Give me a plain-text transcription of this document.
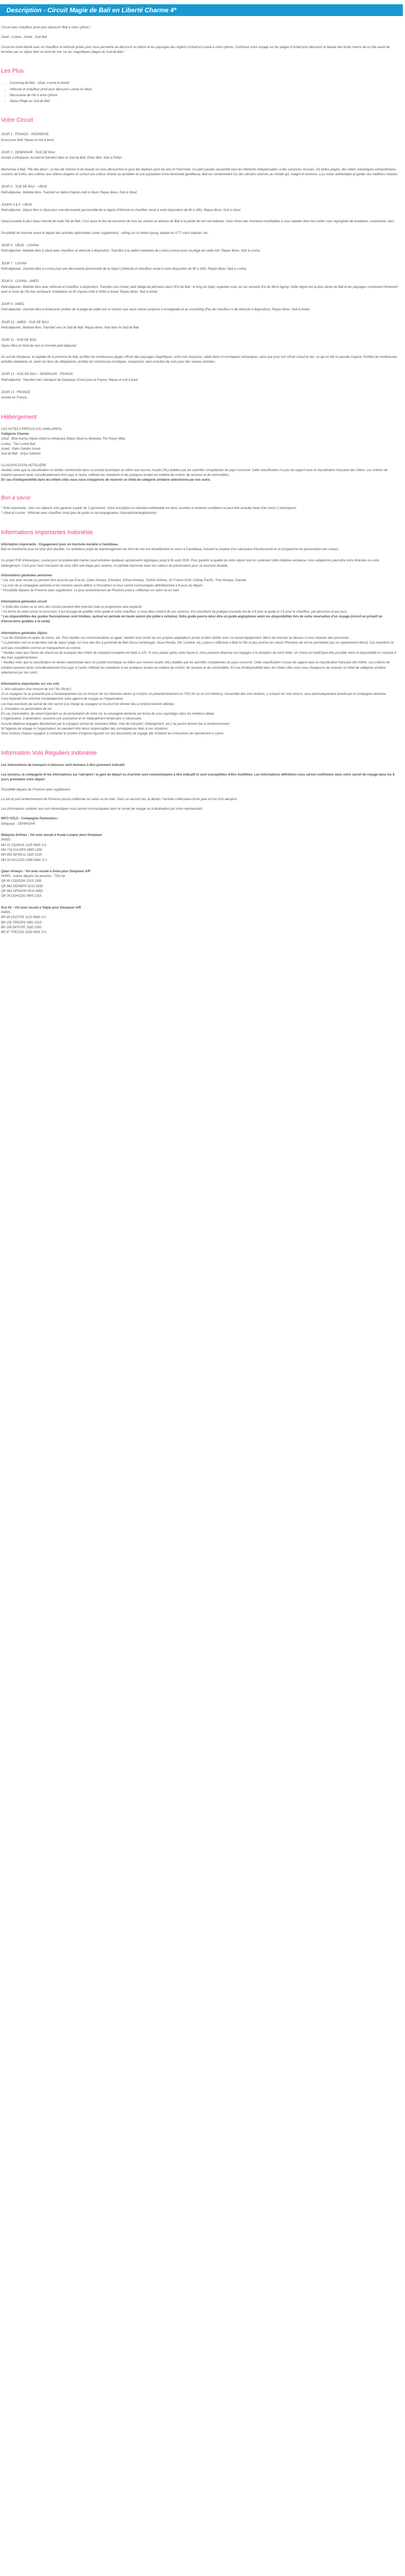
Description - Circuit Magie de Bali en Liberté Charme 4*

Circuit avec chauffeur privé pour découvrir Bali à votre rythme !

Ubud - Lovina - Amed - Sud Bali

Circuit en toute liberté avec un chauffeur et véhicule privés pour vous permettre de découvrir la culture et les paysages des régions d'Ubud et Lovina à votre rythme. Continuez votre voyage sur les plages d'Amed pour découvrir la beauté des fonds marins de la côte avant de terminer par un séjour libre en bord de mer sur les magnifiques plages du Sud de Bali !

Les Plus
• Cocoming de Bali : Ubud, Lovina et Amed
• Véhicule et chauffeur privé pour découvrir Lovina et Ubud
• Découverte de l'île à votre rythme
• Séjour Plage au Sud de Bali
Votre Circuit
JOUR 1 : FRANCE - INDONESIE
Envol pour Bali. Repas et nuit à bord.
JOUR 2 : DENPASAR - SUD DE BALI
Arrivée à Denpasar. Accueil et transfert dans le Sud de Bali. Dîner libre. Nuit à l'hôtel.
Bienvenue à Bali, "l'île des dieux", un lieu de charme et de beauté où vous découvrirez le goût des Balinais pour les arts et l'harmonie. Ce petit paradis rassemble tous les éléments indispensables à des vacances réussies. De belles plages, des reliefs volcaniques extraordinaires couverts de forêts, des collines aux rizières étagées et surtout une culture vivante au quotidien et une population d'une étonnante gentillesse. Bali est certainement l'un des derniers endroits au monde qui, malgré le tourisme, a pu rester authentique et garder ses traditions intactes.
JOUR 3 : SUD DE BALI - UBUD
Petit-déjeuner. Matinée libre. Transfert en début d'après-midi à Ubud. Repas libres. Nuit à Ubud.
JOURS 4 & 5 : UBUD
Petit-déjeuner. Séjour libre à Ubud pour une découverte personnelle de la région (Véhicule et chauffeur serait à votre disposition de 9h à 18h). Repas libres. Nuit à Ubud.
Ubud possède le plus beau marché de toute l'île de Bali. C'est aussi le lieu de rencontre de tous les artistes et artisans de Bali à la pointe de l'art néo-balinais. Vous vivrez des moments inoubliables à vous balader dans les ruelles rues regorgeant de boutiques, restaurants, bars.
Possibilité de réserver avant le départ des activités optionnelles (avec supplément) : rafting sur la rivière Ayung, balade en VTT, soins balinais, etc.
JOUR 6 : UBUD - LOVINA
Petit-déjeuner. Matinée libre à Ubud avec chauffeur et véhicule à disposition. Transfert à la station balnéaire de Lovina connue pour sa plage de sable noir. Repas libres. Nuit à Lovina.
JOUR 7 : LOVINA
Petit-déjeuner. Journée libre à Lovina pour une découverte personnelle de la région (Véhicule et chauffeur serait à votre disposition de 9h à 18h). Repas libres. Nuit à Lovina.
JOUR 8 : LOVINA - AMED
Petit-déjeuner. Matinée libre avec véhicule et chauffeur à disposition. Transfert vers Amed, petit village de pêcheurs dans l'Est de Bali : le long du trajet, superbes vues sur les versants Est du Mont Agung. Cette région est la plus sèche de Bali et les paysages contrastent fortement avec le reste de l'île très verdoyant. Installation en fin d'après-midi à l'hôtel à Amed. Repas libres. Nuit à Amed.
JOUR 9 : AMED
Petit-déjeuner. Journée libre à Amed pour profiter de la plage de sable noir et rochers aux eaux calmes propices à la baignade et au snorkeling (Pas de chauffeur ni de véhicule à disposition). Repas libres. Nuit à Amed.
JOUR 10 : AMED - SUD DE BALI
Petit-déjeuner. Matinée libre. Transfert vers le Sud de Bali. Repas libres. Nuit dans le Sud de Bali.
JOUR 11 : SUD DE BALI
Séjour libre en bord de mer en formule petit-déjeuner.
Au sud de Denpasar, la capitale de la province de Bali, profitez de nombreuses plages offrant des paysages magnifiques, entre mer turquoise, sable blanc et montagnes volcaniques, ainsi que pour son climat chaud et sec, ce qui en fait un paradis tropical. Profitez de nombreuses activités balnéaires et, selon les lieux de villégiatures, profitez de nombreuses boutiques, restaurants, bars et boites de nuits pour des soirées animées.
JOUR 12 : SUD DE BALI - DENPASAR - FRANCE
Petit-déjeuner. Transfert vers l'aéroport de Denpasar. Envol pour la France. Repas et nuit à bord.
JOUR 13 : FRANCE
Arrivée en France.
Hébergement
LES HOTELS PRÉVUS (OU SIMILAIRES)
Catégorie Charme
Ubud : Blue Karma Dijiwa Ubud ou Arkamara Dijiwa Ubud ou Dwaraka The Royal Villas
Lovina : The Lovina Bali
Amed : Palm Garden Amed
Sud de Bali : Griya Santrian
CLASSIFICATION HÔTELIÈRE
Veuillez noter que la classification en étoiles mentionnée dans ce produit touristique se réfère aux normes locales (NL) établies par les autorités compétentes du pays concerné. Cette classification n'a pas de rapport avec la classification française des hôtels. Les critères de notation peuvent varier considérablement d'un pays à l'autre, reflétant les standards et les pratiques locales en matière de confort, de services et de commodités.
En cas d'indisponibilité dans les hôtels cités nous nous chargerons de réserver un hôtel de catégorie similaire sélectionné par nos soins.
Bon à savoir
* Note importante : tous nos départs sont garantis à partir de 2 personnes. Votre inscription en chambre individuelle est donc soumise à certaines conditions et peut être annulée faute d'au moins 2 participants.
* Ubud et Lovina : Véhicule avec chauffeur local (pas de guide ou accompagnateur francophone/anglophone).
Informations importantes Indonésie
Information importante : Engagement pour un tourisme durable à Candidasa
Bali se transforme pour un futur plus durable. Un ambitieux projet de réaménagement du front de mer est actuellement en cours à Candidasa, incluant la création d'un sanctuaire d'écotourisme et un programme de préservation des coraux.

Ce projet RSE d'envergure, crucial pour la biodiversité marine, peut entraîner quelques ajustements logistiques jusqu'à fin août 2026. Pour garantir la qualité de votre séjour tout en soutenant cette initiative vertueuse, nous adapterons peut-être votre itinéraire ou votre hébergement. C'est pour nous l'occasion de vous offrir une étape plus sereine, en parfaite harmonie avec nos valeurs de préservation pour un tourisme durable.

Informations générales aériennes
* Les vols avec escale (s) peuvent être assurés par Eva Air, Qatar Airways, Emirates, Etihad Airways, Turkish Airlines, Air France KLM, Cathay Pacific, Thai Airways, Garuda.
* Le nom de la compagnie aérienne et les horaires seront définis à l'inscription et vous seront communiqués définitivement à 8 jours du départ.
* Possibilité départs de Province avec supplément. Le post acheminement de Province pourra s'effectuer en avion ou en train.
Informations générales circuit
* L'ordre des visites ou le sens des circuits peuvent être inversés mais le programme sera respecté.
* Au terme de votre circuit ou excursion, il est d'usage de gratifier votre guide et votre chauffeur, si vous êtes content de ses services, d'un pourboire (la pratique courante est de 4 € pour le guide et 2 € pour le chauffeur, par personne et par jour).
* Les disponibilités des guides francophones sont limitées, surtout en période de haute saison (de juillet à octobre). Votre guide pourra donc être un guide anglophone selon les disponibilités lors de votre réservation d'un voyage (circuit en privatif ou d'excursions guidées à la carte).
Informations générales Séjour
* Les lits d'enfants et cartes de voeux, etc. Pour faciliter vos communications et appel, veuillez vous munir de vos propres adaptateurs prises et bien vérifier avec ce nouvel équipement. Merci de réserver au dessus si vous réserver des personnes.
* La première nuit ou la dernière nuit de séjour plage sur l'une des îles à proximité de Bali (Nusa Lembongan, Nusa Penida, Gili, Lombok, etc.) pourra s'effectuer à Bali ou l'île la plus proche (en raison d'horaires de vol ne permettant pas un rapatriement direct). Ces transferts ne sont pas considérés comme un manquement au contrat.
* Veuillez noter que l'heure du check-out de la plupart des hôtels de standard européen est fixée à 12h. Si vous partez après cette heure-ci, nous pouvons disposer vos bagages à la réception de votre hôtel. Un check-out tardif peut être possible selon la disponibilité et s'impose à des frais supplémentaires.
* Veuillez noter que la classification en étoiles mentionnée dans ce produit touristique se réfère aux normes locales (NL) établies par les autorités compétentes du pays concerné. Cette classification n'a pas de rapport avec la classification française des hôtels. Les critères de notation peuvent varier considérablement d'un pays à l'autre, reflétant les standards et les pratiques locales en matière de confort, de services et de commodités. En cas d'indisponibilité dans les hôtels cités nous nous chargerons de réserver un hôtel de catégorie similaire sélectionné par nos soins.
Informations importantes sur vos vols
1. Non-utilisation d'un tronçon de vol ("No Show")
Si un voyageur ne se présente pas à l'embarquement sur un tronçon de son itinéraire aérien (y compris un préacheminement en TGV Air ou un vol intérieur), l'ensemble des vols restants, y compris les vols retours, sera automatiquement annulé par la compagnie aérienne.
Il est impératif d'en informer immédiatement votre agence de voyage ou l'organisateur.
Les frais éventuels de rachat de vols seront à la charge du voyageur et ne pourront donner lieu à remboursement ultérieur.
2. Annulation ou perturbation de vol
En cas d'annulation, de retard important ou de perturbation de votre vol, la compagnie aérienne est tenue de vous reprotéger dans les meilleurs délais.
L'organisateur, à destination, assurera une assistance et un hébergement temporaire si nécessaire.
Aucune dépense engagée directement par le voyageur (achat de nouveaux billets, frais de transport, hébergement, etc.) ne pourra donner lieu à remboursement.
Ni l'agence de voyage ni l'organisateur ne sauraient être tenus responsables des conséquences liées à ces situations.
Nous invitons chaque voyageur à contacter le numéro d'urgence figurant sur ses documents de voyage afin d'obtenir les instructions de reprotection à suivre.
Information Vols Réguliers Indonésie

Les informations de transport ci-dessous sont données à titre purement indicatif.

Les horaires, la compagnie et les informations sur l'aéroport / la gare de départ ou d'arrivée sont communiquées à titre indicatif et sont susceptibles d'être modifiées. Les informations définitives vous seront confirmées dans votre carnet de voyage dans les 8 jours précédant votre départ.

Possibilité départs de Province avec supplément.

Le pré et post acheminement de Province pourra s'effectuer en avion ou en train. Dans ce second cas, le départ / l'arrivée s'effectuera d'une gare et non d'un aéroport.

Les informations relatives aux vols domestiques vous seront communiquées dans le carnet de voyage ou à destination par notre représentant.

INFO VOLS - Compagnie Partenaires :
Denpasar - DENPASAR
Malaysia Airlines : Vol avec escale à Kuala Lumpur pour Denpasar
PARIS
MH 21 CDGKUL 1125 0630 J+1
MH 715 KULDPS 0900 1205
MH 852 DPSKUL 1920 2220
MH 20 KULCDG 2345 0640 J+1
Qatar Airways : Vol avec escale à Doha pour Denpasar A/R
PARIS - Autres départs de province : TGV Air
QR 40 CDGDOH 1515 2335
QR 962 DOHDPS 0210 1630
QR 961 DPSDOH 0010 0455
QR 39 DOHCDG 0805 1315
Eva Air : Vol avec escale à Taipei pour Denpasar A/R
PARIS
BR 88 CDGTPE 1120 0645 J+1
BR 155 TPEDPS 0950 1515
BR 256 DPSTPE 1630 2200
BR 87 TPECDG 2330 0815 J+1
